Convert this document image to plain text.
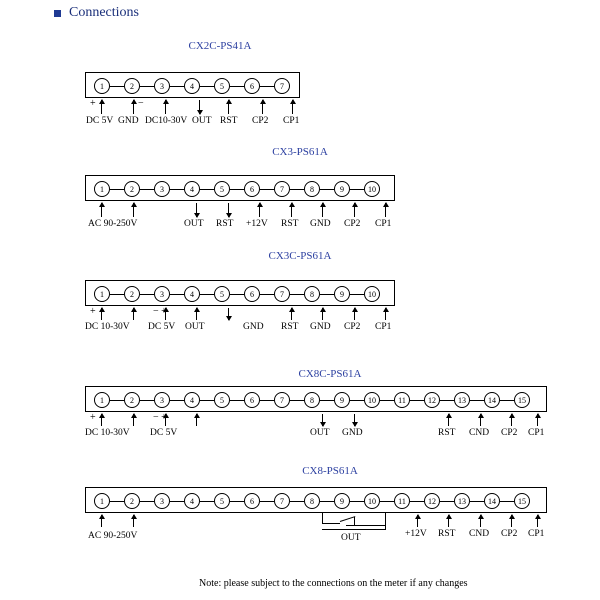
Connections
CX2C-PS41A
1	2	3	4	5	6	7
+	−
DC 5V GND DC10-30V OUT RST CP2 CP1
CX3-PS61A
1	2	3	4	5	6	7	8	9	10
AC 90-250V	OUT RST +12V RST GND CP2 CP1
CX3C-PS61A
1	2	3	4	5	6	7	8	9	10
+	− +
DC 10-30V DC 5V OUT	GND RST GND CP2 CP1
CX8C-PS61A
1	2	3	4	5	6	7	8	9	10	11	12	13	14	15
+	− +
DC 10-30V DC 5V	OUT GND	RST CND CP2 CP1
CX8-PS61A
1	2	3	4	5	6	7	8	9	10	11	12	13	14	15
AC 90-250V	OUT	+12V RST CND CP2 CP1
Note: please subject to the connections on the meter if any changes
